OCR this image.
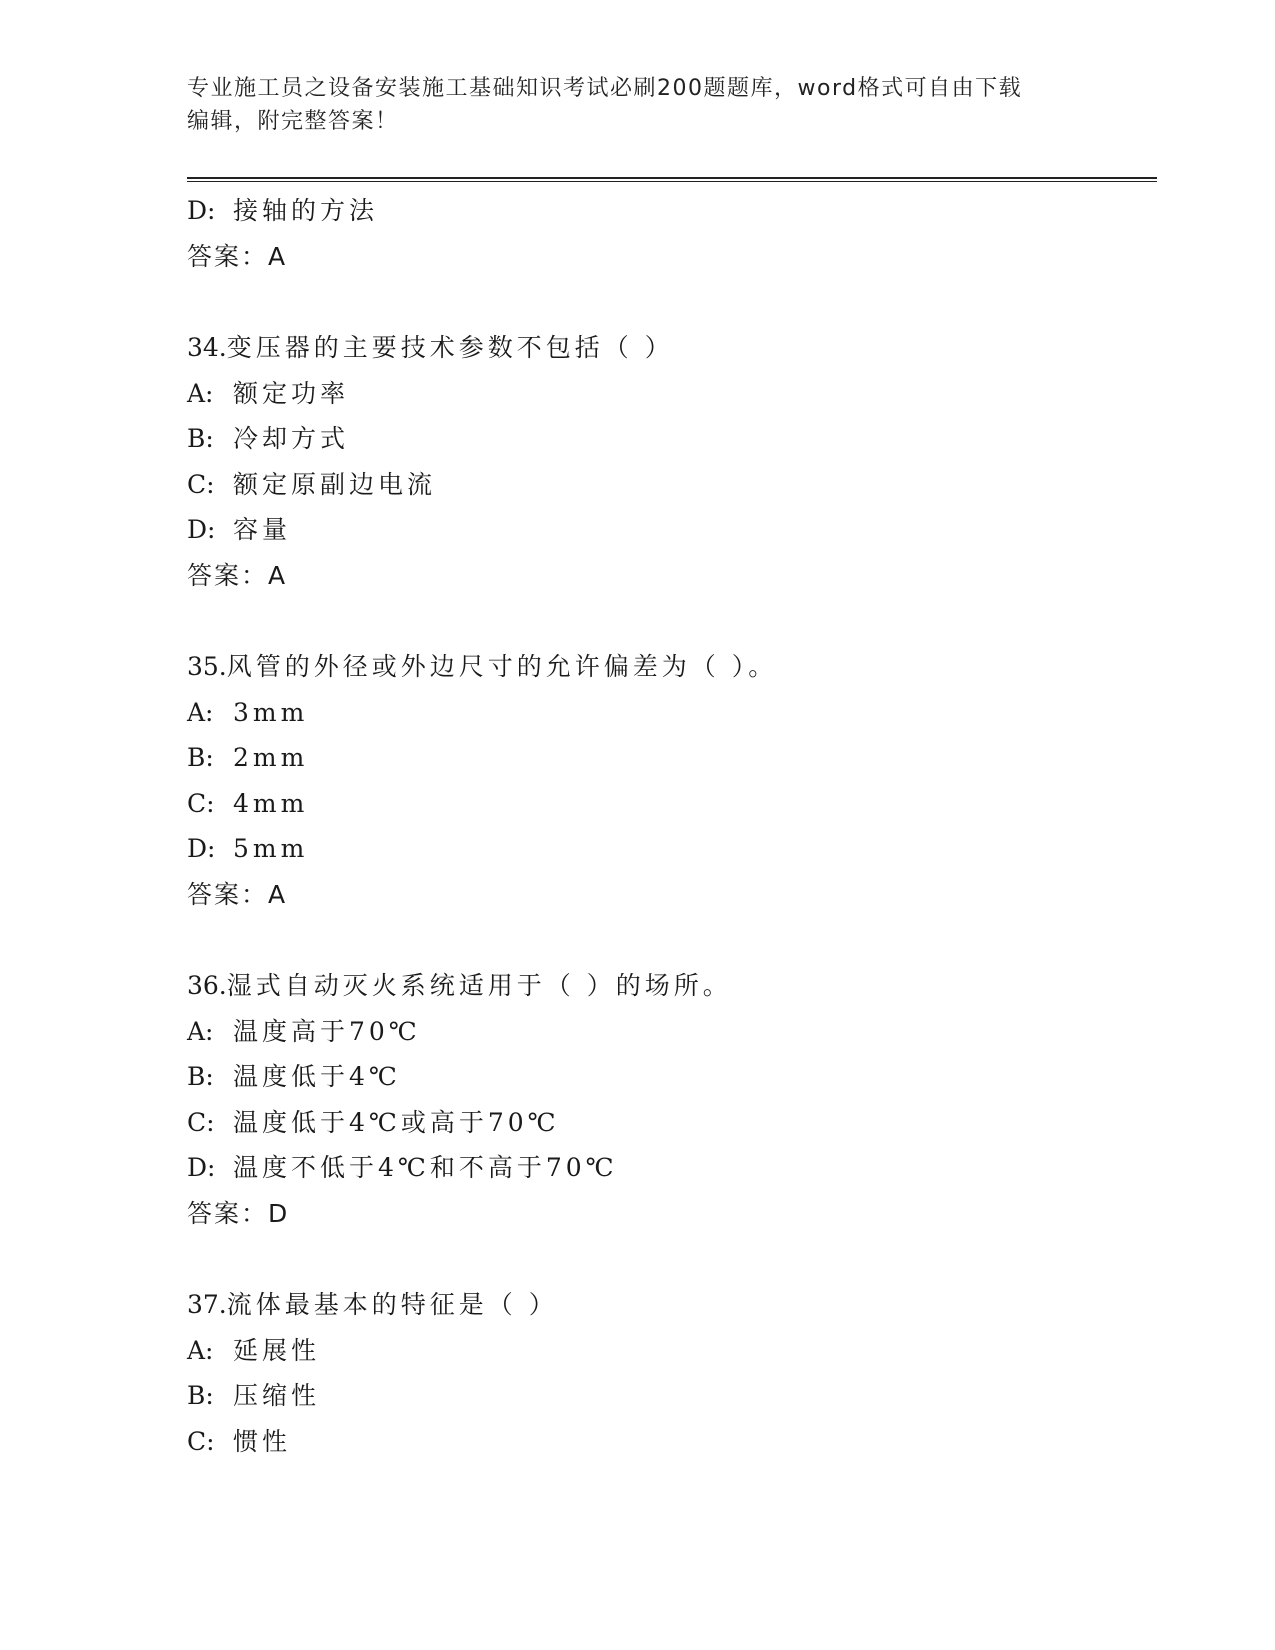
专业施工员之设备安装施工基础知识考试必刷200题题库，word格式可自由下载
编辑，附完整答案！
D: 接轴的方法
答案：A
34.变压器的主要技术参数不包括（ ）
A: 额定功率
B: 冷却方式
C: 额定原副边电流
D: 容量
答案：A
35.风管的外径或外边尺寸的允许偏差为（ ）。
A: 3mm
B: 2mm
C: 4mm
D: 5mm
答案：A
36.湿式自动灭火系统适用于（ ）的场所。
A: 温度高于70℃
B: 温度低于4℃
C: 温度低于4℃或高于70℃
D: 温度不低于4℃和不高于70℃
答案：D
37.流体最基本的特征是（ ）
A: 延展性
B: 压缩性
C: 惯性
